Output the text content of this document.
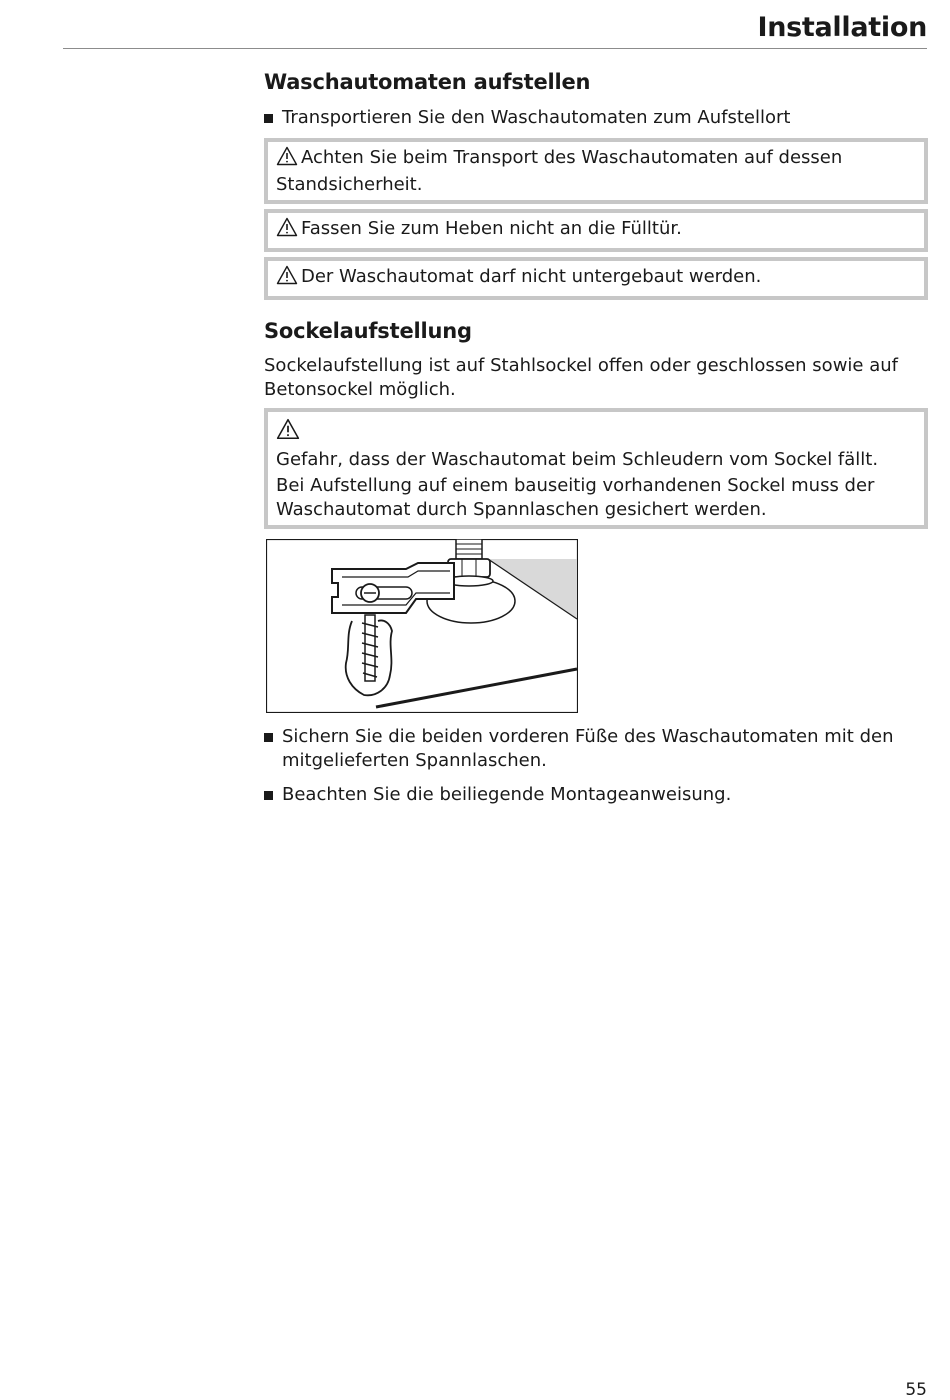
Installation
Waschautomaten aufstellen
Transportieren Sie den Waschautomaten zum Aufstellort
Achten Sie beim Transport des Waschautomaten auf dessen Standsicherheit.
Fassen Sie zum Heben nicht an die Fülltür.
Der Waschautomat darf nicht untergebaut werden.
Sockelaufstellung
Sockelaufstellung ist auf Stahlsockel offen oder geschlossen sowie auf Betonsockel möglich.
Gefahr, dass der Waschautomat beim Schleudern vom Sockel fällt.
Bei Aufstellung auf einem bauseitig vorhandenen Sockel muss der Waschautomat durch Spannlaschen gesichert werden.
Sichern Sie die beiden vorderen Füße des Waschautomaten mit den mitgelieferten Spannlaschen.
Beachten Sie die beiliegende Montageanweisung.
55
